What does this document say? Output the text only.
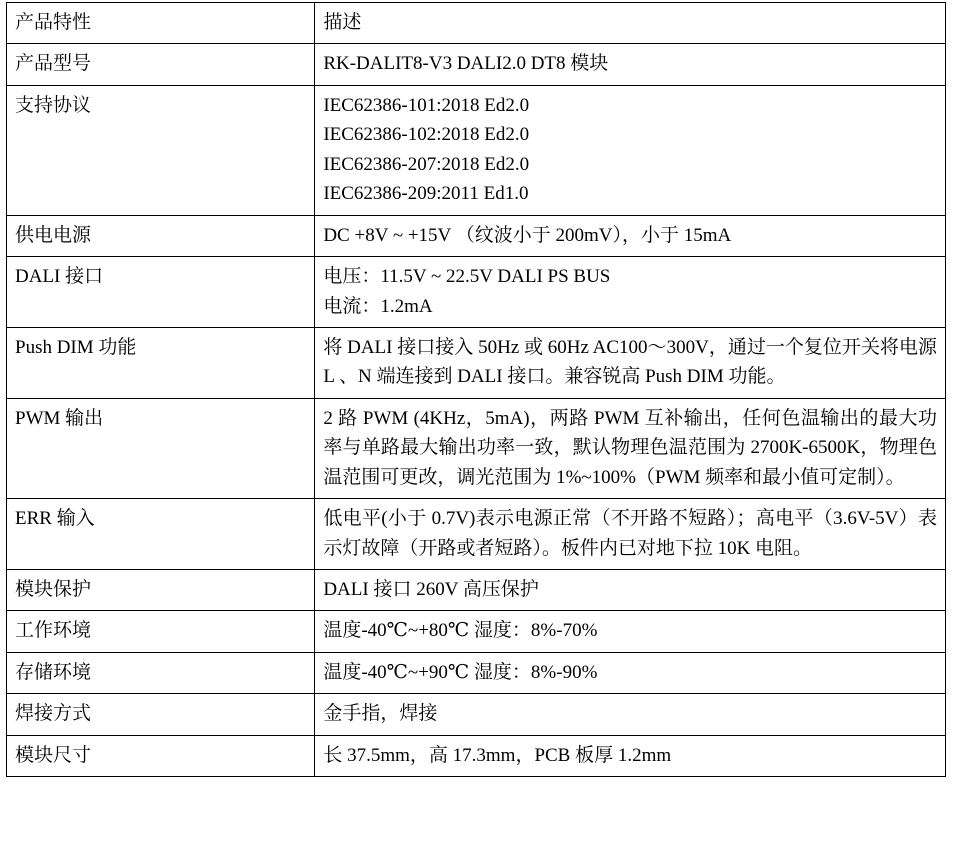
产品特性	描述
产品型号	RK-DALIT8-V3 DALI2.0 DT8 模块

支持协议	IEC62386-101:2018 Ed2.0
IEC62386-102:2018 Ed2.0
IEC62386-207:2018 Ed2.0
IEC62386-209:2011 Ed1.0

供电电源	DC +8V ~ +15V （纹波小于 200mV），小于 15mA

DALI 接口	电压：11.5V ~ 22.5V DALI PS BUS
电流：1.2mA

Push DIM 功能	将 DALI 接口接入 50Hz 或 60Hz AC100～300V，通过一个复位开关将电源 L 、N 端连接到 DALI 接口。兼容锐高 Push DIM 功能。

PWM 输出	2 路 PWM (4KHz，5mA)，两路 PWM 互补输出，任何色温输出的最大功率与单路最大输出功率一致，默认物理色温范围为 2700K-6500K，物理色温范围可更改，调光范围为 1%~100%（PWM 频率和最小值可定制）。

ERR 输入	低电平(小于 0.7V)表示电源正常（不开路不短路）；高电平（3.6V-5V）表示灯故障（开路或者短路）。板件内已对地下拉 10K 电阻。

模块保护	DALI 接口 260V 高压保护

工作环境	温度-40℃~+80℃ 湿度：8%-70%

存储环境	温度-40℃~+90℃ 湿度：8%-90%

焊接方式	金手指，焊接

模块尺寸	长 37.5mm，高 17.3mm，PCB 板厚 1.2mm
